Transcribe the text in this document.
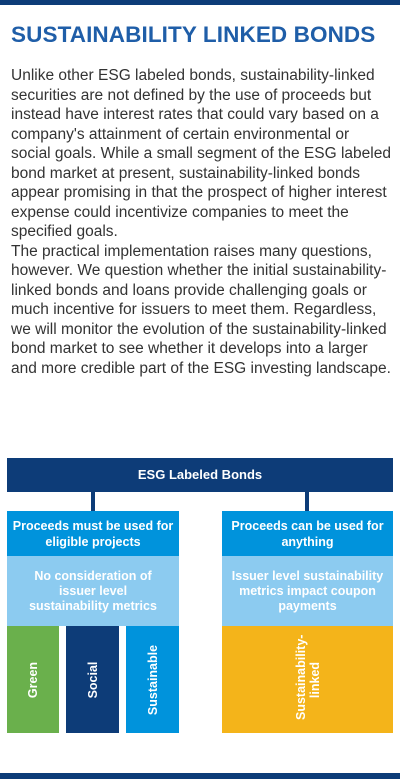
SUSTAINABILITY LINKED BONDS

Unlike other ESG labeled bonds, sustainability-linked securities are not defined by the use of proceeds but instead have interest rates that could vary based on a company's attainment of certain environmental or social goals. While a small segment of the ESG labeled bond market at present, sustainability-linked bonds appear promising in that the prospect of higher interest expense could incentivize companies to meet the specified goals.

The practical implementation raises many questions, however. We question whether the initial sustainability-linked bonds and loans provide challenging goals or much incentive for issuers to meet them. Regardless, we will monitor the evolution of the sustainability-linked bond market to see whether it develops into a larger and more credible part of the ESG investing landscape.

ESG Labeled Bonds
Proceeds must be used for eligible projects
No consideration of issuer level sustainability metrics
Green	Social	Sustainable
Proceeds can be used for anything
Issuer level sustainability metrics impact coupon payments
Sustainability-linked
